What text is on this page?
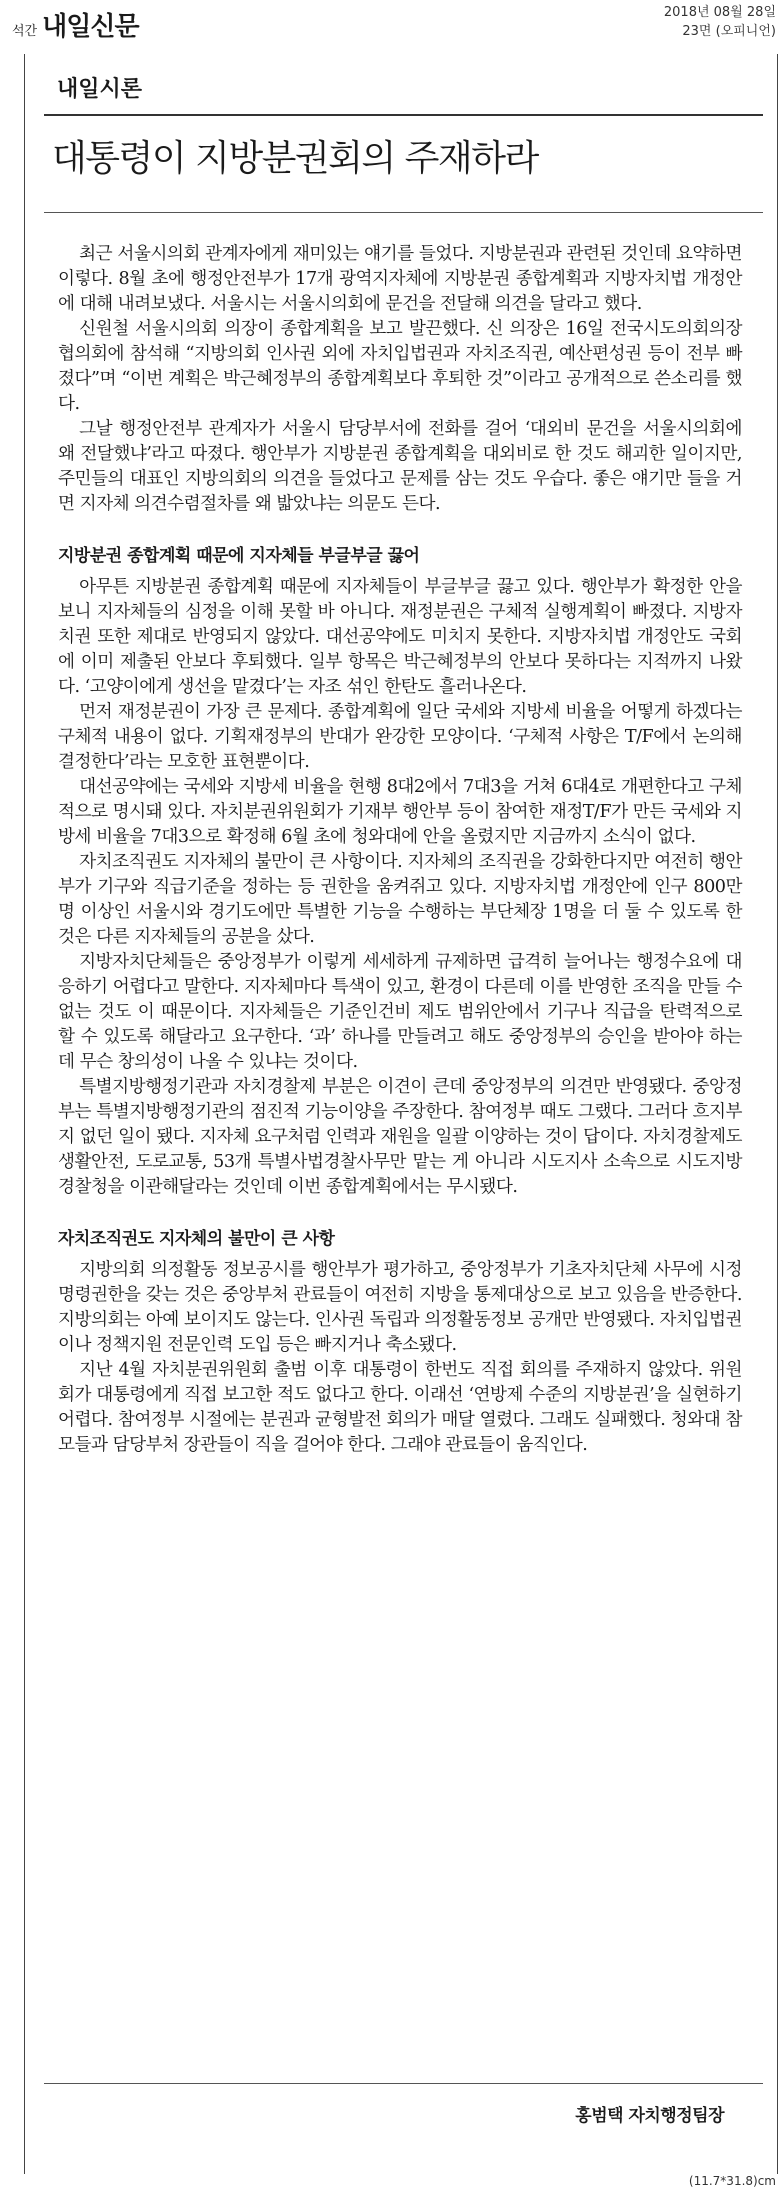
석간 내일신문	2018년 08월 28일
23면 (오피니언)
내일시론
대통령이 지방분권회의 주재하라

최근 서울시의회 관계자에게 재미있는 얘기를 들었다. 지방분권과 관련된 것인데 요약하면 이렇다. 8월 초에 행정안전부가 17개 광역지자체에 지방분권 종합계획과 지방자치법 개정안에 대해 내려보냈다. 서울시는 서울시의회에 문건을 전달해 의견을 달라고 했다.

신원철 서울시의회 의장이 종합계획을 보고 발끈했다. 신 의장은 16일 전국시도의회의장협의회에 참석해 “지방의회 인사권 외에 자치입법권과 자치조직권, 예산편성권 등이 전부 빠졌다”며 “이번 계획은 박근혜정부의 종합계획보다 후퇴한 것”이라고 공개적으로 쓴소리를 했다.

그날 행정안전부 관계자가 서울시 담당부서에 전화를 걸어 ‘대외비 문건을 서울시의회에 왜 전달했냐’라고 따졌다. 행안부가 지방분권 종합계획을 대외비로 한 것도 해괴한 일이지만, 주민들의 대표인 지방의회의 의견을 들었다고 문제를 삼는 것도 우습다. 좋은 얘기만 들을 거면 지자체 의견수렴절차를 왜 밟았냐는 의문도 든다.

지방분권 종합계획 때문에 지자체들 부글부글 끓어

아무튼 지방분권 종합계획 때문에 지자체들이 부글부글 끓고 있다. 행안부가 확정한 안을 보니 지자체들의 심정을 이해 못할 바 아니다. 재정분권은 구체적 실행계획이 빠졌다. 지방자치권 또한 제대로 반영되지 않았다. 대선공약에도 미치지 못한다. 지방자치법 개정안도 국회에 이미 제출된 안보다 후퇴했다. 일부 항목은 박근혜정부의 안보다 못하다는 지적까지 나왔다. ‘고양이에게 생선을 맡겼다’는 자조 섞인 한탄도 흘러나온다.

먼저 재정분권이 가장 큰 문제다. 종합계획에 일단 국세와 지방세 비율을 어떻게 하겠다는 구체적 내용이 없다. 기획재정부의 반대가 완강한 모양이다. ‘구체적 사항은 T/F에서 논의해 결정한다’라는 모호한 표현뿐이다.

대선공약에는 국세와 지방세 비율을 현행 8대2에서 7대3을 거쳐 6대4로 개편한다고 구체적으로 명시돼 있다. 자치분권위원회가 기재부 행안부 등이 참여한 재정T/F가 만든 국세와 지방세 비율을 7대3으로 확정해 6월 초에 청와대에 안을 올렸지만 지금까지 소식이 없다.

자치조직권도 지자체의 불만이 큰 사항이다. 지자체의 조직권을 강화한다지만 여전히 행안부가 기구와 직급기준을 정하는 등 권한을 움켜쥐고 있다. 지방자치법 개정안에 인구 800만명 이상인 서울시와 경기도에만 특별한 기능을 수행하는 부단체장 1명을 더 둘 수 있도록 한 것은 다른 지자체들의 공분을 샀다.

지방자치단체들은 중앙정부가 이렇게 세세하게 규제하면 급격히 늘어나는 행정수요에 대응하기 어렵다고 말한다. 지자체마다 특색이 있고, 환경이 다른데 이를 반영한 조직을 만들 수 없는 것도 이 때문이다. 지자체들은 기준인건비 제도 범위안에서 기구나 직급을 탄력적으로 할 수 있도록 해달라고 요구한다. ‘과’ 하나를 만들려고 해도 중앙정부의 승인을 받아야 하는데 무슨 창의성이 나올 수 있냐는 것이다.

특별지방행정기관과 자치경찰제 부분은 이견이 큰데 중앙정부의 의견만 반영됐다. 중앙정부는 특별지방행정기관의 점진적 기능이양을 주장한다. 참여정부 때도 그랬다. 그러다 흐지부지 없던 일이 됐다. 지자체 요구처럼 인력과 재원을 일괄 이양하는 것이 답이다. 자치경찰제도 생활안전, 도로교통, 53개 특별사법경찰사무만 맡는 게 아니라 시도지사 소속으로 시도지방경찰청을 이관해달라는 것인데 이번 종합계획에서는 무시됐다.

자치조직권도 지자체의 불만이 큰 사항

지방의회 의정활동 정보공시를 행안부가 평가하고, 중앙정부가 기초자치단체 사무에 시정명령권한을 갖는 것은 중앙부처 관료들이 여전히 지방을 통제대상으로 보고 있음을 반증한다. 지방의회는 아예 보이지도 않는다. 인사권 독립과 의정활동정보 공개만 반영됐다. 자치입법권이나 정책지원 전문인력 도입 등은 빠지거나 축소됐다.

지난 4월 자치분권위원회 출범 이후 대통령이 한번도 직접 회의를 주재하지 않았다. 위원회가 대통령에게 직접 보고한 적도 없다고 한다. 이래선 ‘연방제 수준의 지방분권’을 실현하기 어렵다. 참여정부 시절에는 분권과 균형발전 회의가 매달 열렸다. 그래도 실패했다. 청와대 참모들과 담당부처 장관들이 직을 걸어야 한다. 그래야 관료들이 움직인다.

홍범택 자치행정팀장
(11.7*31.8)cm
